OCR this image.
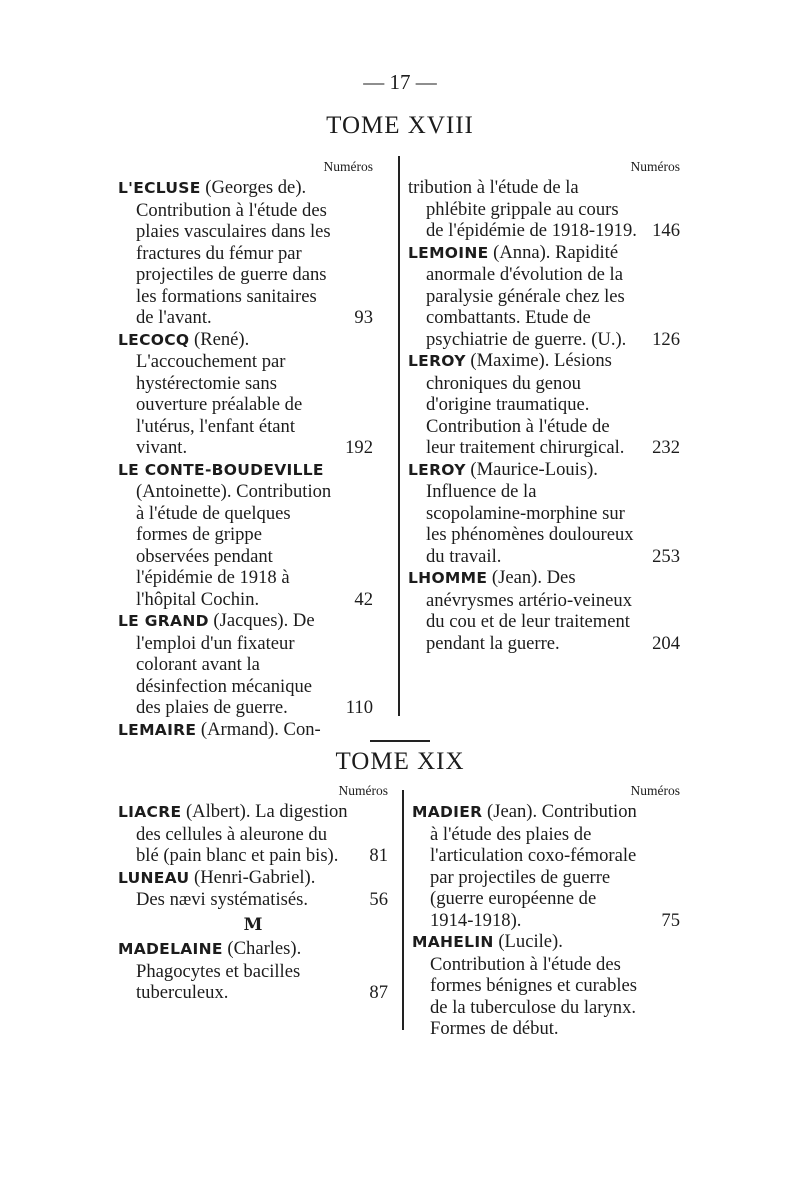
— 17 —
TOME XVIII
Numéros
L'ECLUSE (Georges de). Contribution à l'étude des plaies vasculaires dans les fractures du fémur par projectiles de guerre dans les formations sanitaires de l'avant.	93
LECOCQ (René). L'accouchement par hystérectomie sans ouverture préalable de l'utérus, l'enfant étant vivant.	192
LE CONTE-BOUDEVILLE (Antoinette). Contribution à l'étude de quelques formes de grippe observées pendant l'épidémie de 1918 à l'hôpital Cochin.	42
LE GRAND (Jacques). De l'emploi d'un fixateur colorant avant la désinfection mécanique des plaies de guerre.	110
LEMAIRE (Armand). Con-
Numéros
tribution à l'étude de la phlébite grippale au cours de l'épidémie de 1918-1919. 146
LEMOINE (Anna). Rapidité anormale d'évolution de la paralysie générale chez les combattants. Etude de psychiatrie de guerre. (U.). 126
LEROY (Maxime). Lésions chroniques du genou d'origine traumatique. Contribution à l'étude de leur traitement chirurgical. 232
LEROY (Maurice-Louis). Influence de la scopolamine-morphine sur les phénomènes douloureux du travail.	253
LHOMME (Jean). Des anévrysmes artério-veineux du cou et de leur traitement pendant la guerre.	204
TOME XIX
Numéros
LIACRE (Albert). La digestion des cellules à aleurone du blé (pain blanc et pain bis). 81
LUNEAU (Henri-Gabriel). Des nævi systématisés.	56
M
MADELAINE (Charles). Phagocytes et bacilles tuberculeux.	87
Numéros
MADIER (Jean). Contribution à l'étude des plaies de l'articulation coxo-fémorale par projectiles de guerre (guerre européenne de 1914-1918).	75
MAHELIN (Lucile). Contribution à l'étude des formes bénignes et curables de la tuberculose du larynx. Formes de début.
